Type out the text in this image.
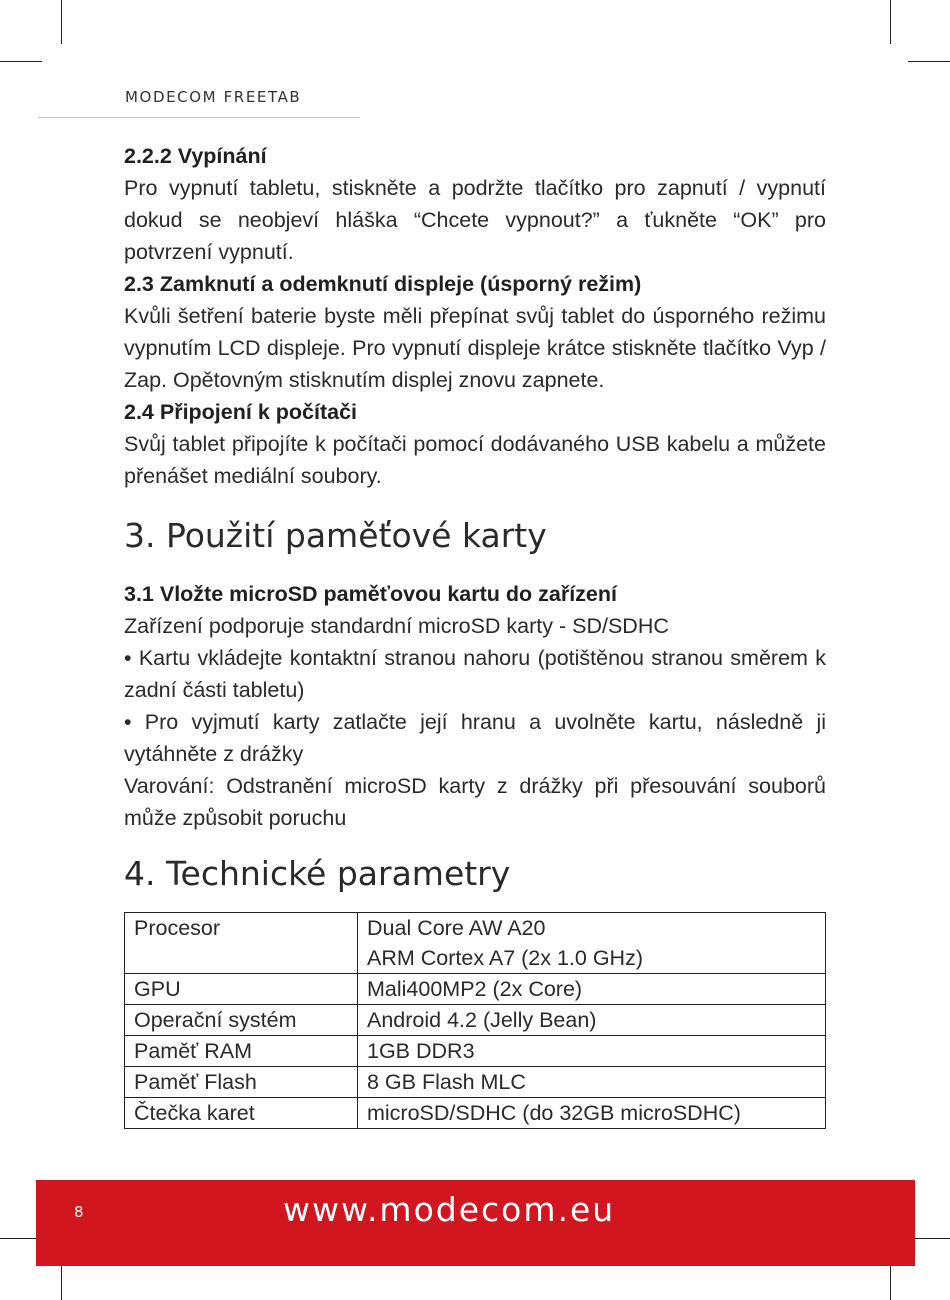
MODECOM FREETAB
2.2.2 Vypínání
Pro vypnutí tabletu, stiskněte a podržte tlačítko pro zapnutí / vypnutí dokud se neobjeví hláška “Chcete vypnout?” a ťukněte “OK” pro potvrzení vypnutí.
2.3 Zamknutí a odemknutí displeje (úsporný režim)
Kvůli šetření baterie byste měli přepínat svůj tablet do úsporného režimu vypnutím LCD displeje. Pro vypnutí displeje krátce stiskněte tlačítko Vyp / Zap. Opětovným stisknutím displej znovu zapnete.
2.4 Připojení k počítači
Svůj tablet připojíte k počítači pomocí dodávaného USB kabelu a můžete přenášet mediální soubory.
3. Použití paměťové karty
3.1 Vložte microSD paměťovou kartu do zařízení
Zařízení podporuje standardní microSD karty - SD/SDHC
• Kartu vkládejte kontaktní stranou nahoru (potištěnou stranou směrem k zadní části tabletu)
• Pro vyjmutí karty zatlačte její hranu a uvolněte kartu, následně ji vytáhněte z drážky
Varování: Odstranění microSD karty z drážky při přesouvání souborů může způsobit poruchu
4. Technické parametry
Procesor	Dual Core AW A20
ARM Cortex A7 (2x 1.0 GHz)

GPU	Mali400MP2 (2x Core)
Operační systém	Android 4.2 (Jelly Bean)
Paměť RAM	1GB DDR3
Paměť Flash	8 GB Flash MLC
Čtečka karet	microSD/SDHC (do 32GB microSDHC)
8	www.modecom.eu
